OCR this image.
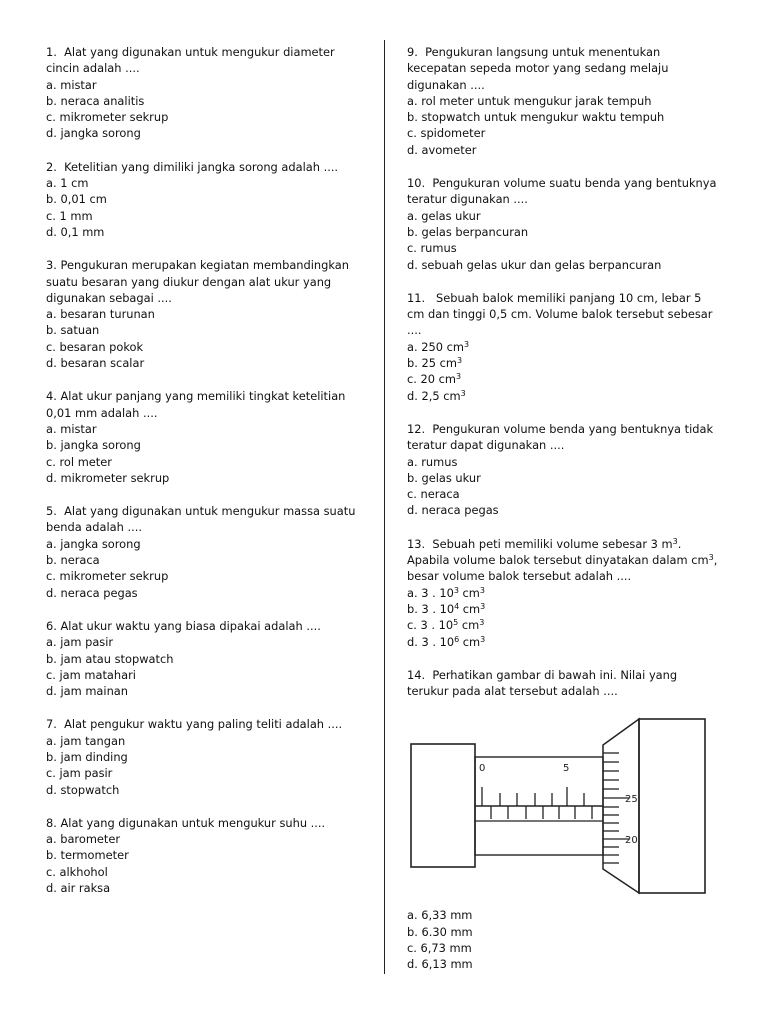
1.  Alat yang digunakan untuk mengukur diameter cincin adalah ....
a. mistar
b. neraca analitis
c. mikrometer sekrup
d. jangka sorong
2.  Ketelitian yang dimiliki jangka sorong adalah ....
a. 1 cm
b. 0,01 cm
c. 1 mm
d. 0,1 mm
3. Pengukuran merupakan kegiatan membandingkan suatu besaran yang diukur dengan alat ukur yang digunakan sebagai ....
a. besaran turunan
b. satuan
c. besaran pokok
d. besaran scalar
4. Alat ukur panjang yang memiliki tingkat ketelitian 0,01 mm adalah ....
a. mistar
b. jangka sorong
c. rol meter
d. mikrometer sekrup
5.  Alat yang digunakan untuk mengukur massa suatu benda adalah ....
a. jangka sorong
b. neraca
c. mikrometer sekrup
d. neraca pegas
6. Alat ukur waktu yang biasa dipakai adalah ....
a. jam pasir
b. jam atau stopwatch
c. jam matahari
d. jam mainan
7.  Alat pengukur waktu yang paling teliti adalah ....
a. jam tangan
b. jam dinding
c. jam pasir
d. stopwatch
8. Alat yang digunakan untuk mengukur suhu ....
a. barometer
b. termometer
c. alkhohol
d. air raksa
9.  Pengukuran langsung untuk menentukan kecepatan sepeda motor yang sedang melaju digunakan ....
a. rol meter untuk mengukur jarak tempuh
b. stopwatch untuk mengukur waktu tempuh
c. spidometer
d. avometer
10.  Pengukuran volume suatu benda yang bentuknya teratur digunakan ....
a. gelas ukur
b. gelas berpancuran
c. rumus
d. sebuah gelas ukur dan gelas berpancuran
11.   Sebuah balok memiliki panjang 10 cm, lebar 5 cm dan tinggi 0,5 cm. Volume balok tersebut sebesar ....
a. 250 $cm^3$
b. 25 $cm^3$
c. 20 $cm^3$
d. 2,5 $cm^3$
12.  Pengukuran volume benda yang bentuknya tidak teratur dapat digunakan ....
a. rumus
b. gelas ukur
c. neraca
d. neraca pegas
13.  Sebuah peti memiliki volume sebesar 3 $m^3$. Apabila volume balok tersebut dinyatakan dalam $cm^3$, besar volume balok tersebut adalah ....
a. 3 . $10^3$ $cm^3$
b. 3 . $10^4$ $cm^3$
c. 3 . $10^5$ $cm^3$
d. 3 . $10^6$ $cm^3$
14.  Perhatikan gambar di bawah ini. Nilai yang terukur pada alat tersebut adalah ....
0	5
25
20
a. 6,33 mm
b. 6.30 mm
c. 6,73 mm
d. 6,13 mm
